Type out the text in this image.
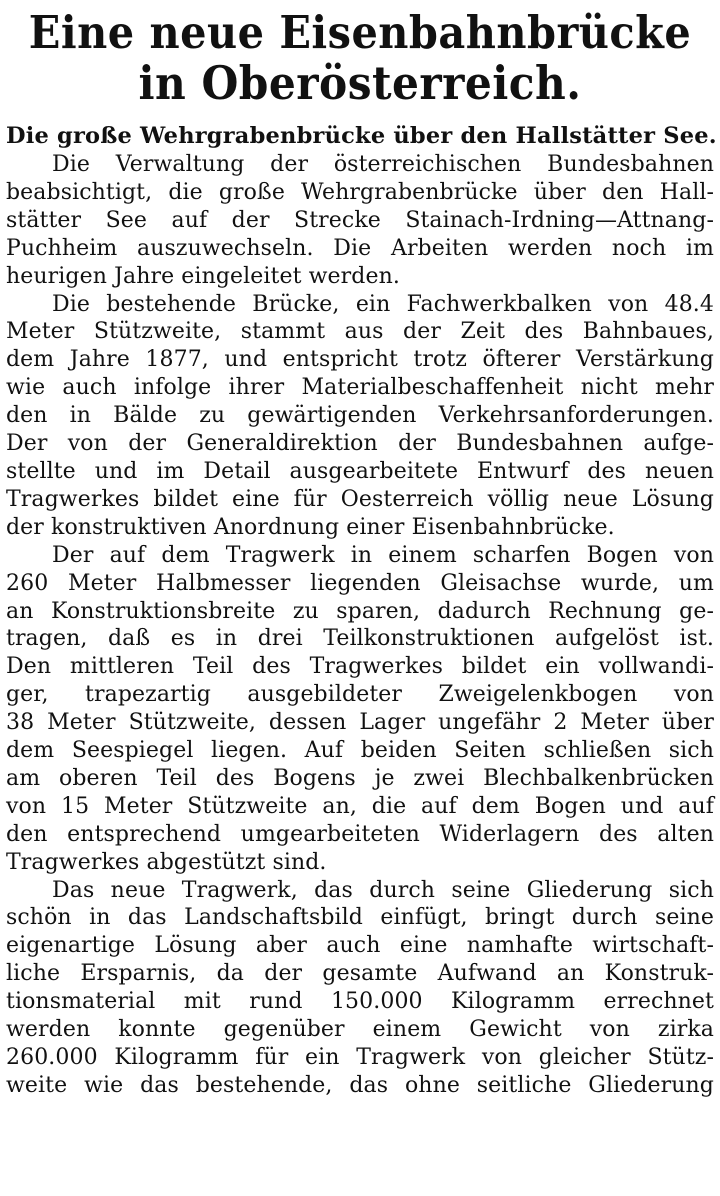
Eine neue Eisenbahnbrücke
in Oberösterreich.
Die große Wehrgrabenbrücke über den Hallstätter See.

Die Verwaltung der österreichischen Bundesbahnen
beabsichtigt, die große Wehrgrabenbrücke über den Hall-
stätter See auf der Strecke Stainach-Irdning—Attnang-
Puchheim auszuwechseln. Die Arbeiten werden noch im
heurigen Jahre eingeleitet werden.

Die bestehende Brücke, ein Fachwerkbalken von 48.4
Meter Stützweite, stammt aus der Zeit des Bahnbaues,
dem Jahre 1877, und entspricht trotz öfterer Verstärkung
wie auch infolge ihrer Materialbeschaffenheit nicht mehr
den in Bälde zu gewärtigenden Verkehrsanforderungen.
Der von der Generaldirektion der Bundesbahnen aufge-
stellte und im Detail ausgearbeitete Entwurf des neuen
Tragwerkes bildet eine für Oesterreich völlig neue Lösung
der konstruktiven Anordnung einer Eisenbahnbrücke.

Der auf dem Tragwerk in einem scharfen Bogen von
260 Meter Halbmesser liegenden Gleisachse wurde, um
an Konstruktionsbreite zu sparen, dadurch Rechnung ge-
tragen, daß es in drei Teilkonstruktionen aufgelöst ist.
Den mittleren Teil des Tragwerkes bildet ein vollwandi-
ger, trapezartig ausgebildeter Zweigelenkbogen von
38 Meter Stützweite, dessen Lager ungefähr 2 Meter über
dem Seespiegel liegen. Auf beiden Seiten schließen sich
am oberen Teil des Bogens je zwei Blechbalkenbrücken
von 15 Meter Stützweite an, die auf dem Bogen und auf
den entsprechend umgearbeiteten Widerlagern des alten
Tragwerkes abgestützt sind.

Das neue Tragwerk, das durch seine Gliederung sich
schön in das Landschaftsbild einfügt, bringt durch seine
eigenartige Lösung aber auch eine namhafte wirtschaft-
liche Ersparnis, da der gesamte Aufwand an Konstruk-
tionsmaterial mit rund 150.000 Kilogramm errechnet
werden konnte gegenüber einem Gewicht von zirka
260.000 Kilogramm für ein Tragwerk von gleicher Stütz-
weite wie das bestehende, das ohne seitliche Gliederung
